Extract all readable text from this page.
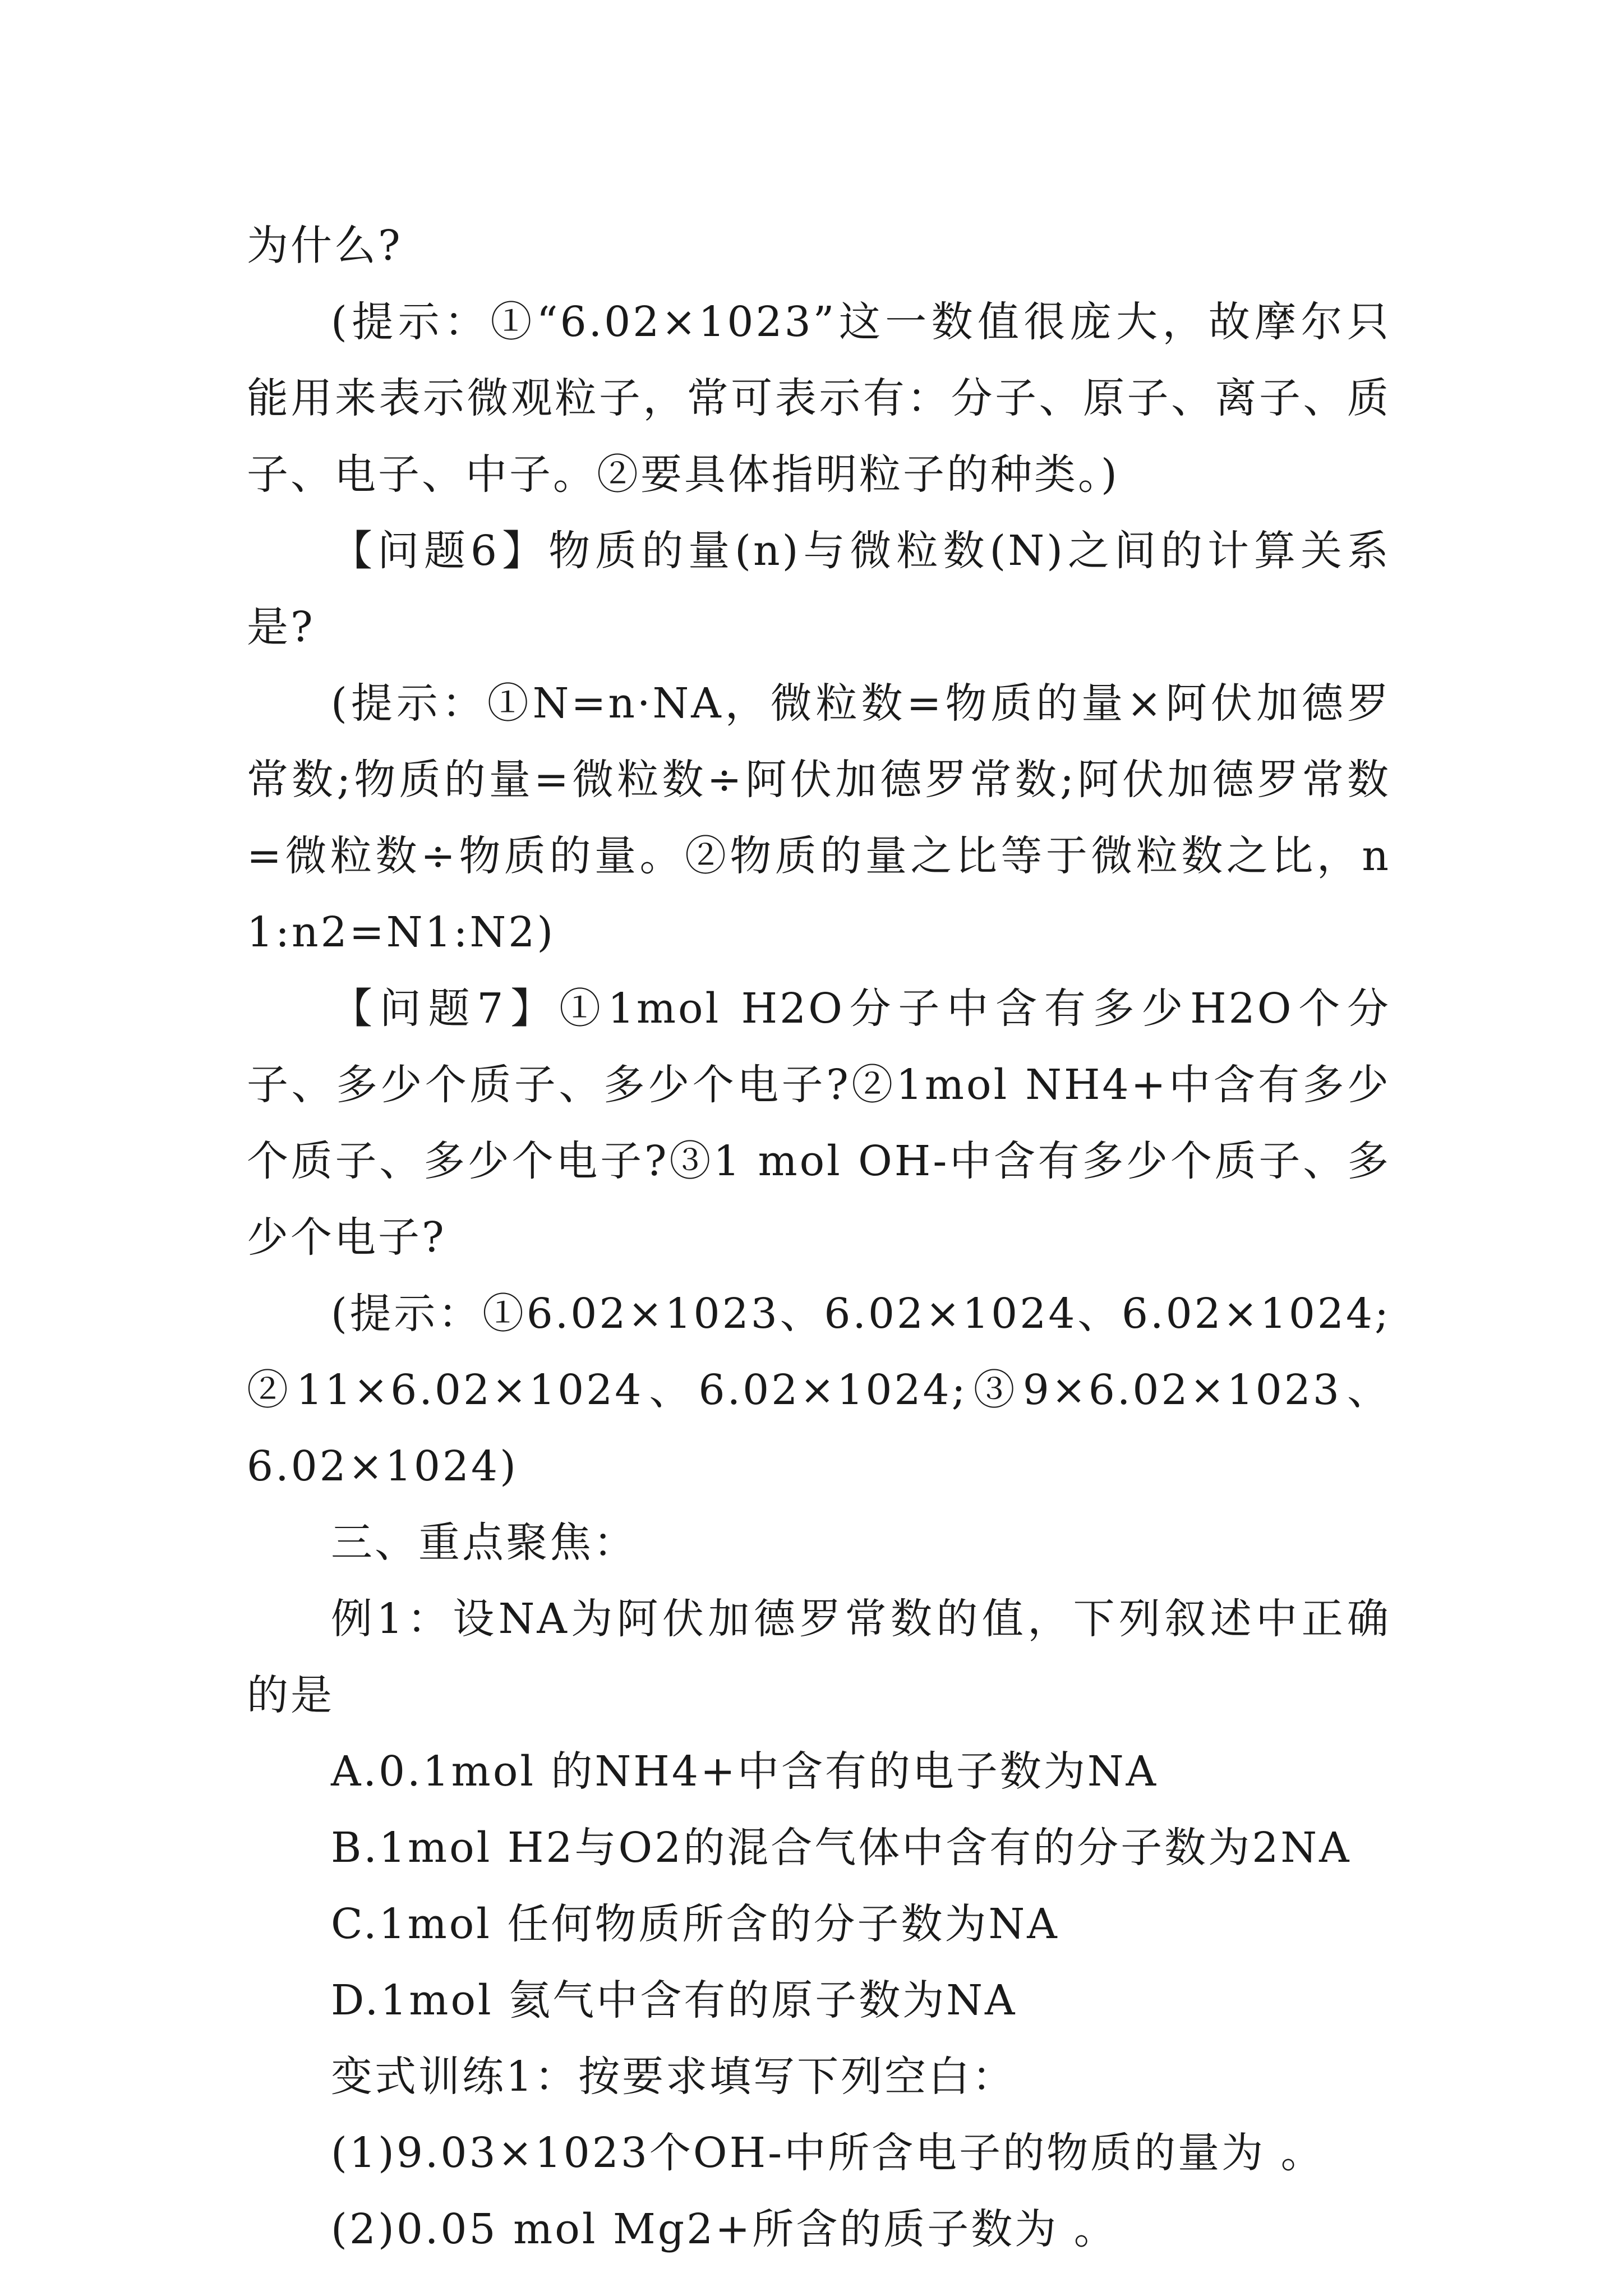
为什么?

(提示：①“6.02×1023”这一数值很庞大，故摩尔只能用来表示微观粒子，常可表示有：分子、原子、离子、质子、电子、中子。②要具体指明粒子的种类。)

【问题6】物质的量(n)与微粒数(N)之间的计算关系是?

(提示：①N=n·NA，微粒数=物质的量×阿伏加德罗常数;物质的量=微粒数÷阿伏加德罗常数;阿伏加德罗常数=微粒数÷物质的量。②物质的量之比等于微粒数之比，n1:n2=N1:N2)

【问题7】①1mol H2O分子中含有多少H2O个分子、多少个质子、多少个电子?②1mol NH4+中含有多少个质子、多少个电子?③1 mol OH-中含有多少个质子、多少个电子?

(提示：①6.02×1023、6.02×1024、6.02×1024;②11×6.02×1024、6.02×1024;③9×6.02×1023、6.02×1024)

三、重点聚焦：

例1：设NA为阿伏加德罗常数的值，下列叙述中正确的是

A.0.1mol 的NH4+中含有的电子数为NA

B.1mol H2与O2的混合气体中含有的分子数为2NA

C.1mol 任何物质所含的分子数为NA

D.1mol 氦气中含有的原子数为NA

变式训练1：按要求填写下列空白：

(1)9.03×1023个OH-中所含电子的物质的量为 。

(2)0.05 mol Mg2+所含的质子数为 。
